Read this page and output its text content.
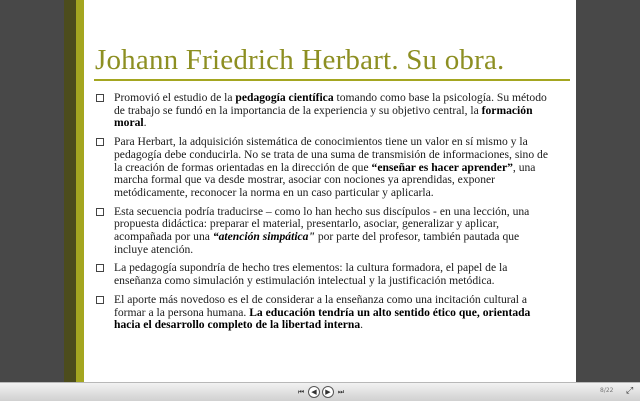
Johann Friedrich Herbart. Su obra.
Promovió el estudio de la pedagogía científica tomando como base la psicología. Su método de trabajo se fundó en la importancia de la experiencia y su objetivo central, la formación moral.
Para Herbart, la adquisición sistemática de conocimientos tiene un valor en sí mismo y la pedagogía debe conducirla. No se trata de una suma de transmisión de informaciones, sino de la creación de formas orientadas en la dirección de que “enseñar es hacer aprender”, una marcha formal que va desde mostrar, asociar con nociones ya aprendidas, exponer metódicamente, reconocer la norma en un caso particular y aplicarla.
Esta secuencia podría traducirse – como lo han hecho sus discípulos - en una lección, una propuesta didáctica: preparar el material, presentarlo, asociar, generalizar y aplicar, acompañada por una “atención simpática" por parte del profesor, también pautada que incluye atención.
La pedagogía supondría de hecho tres elementos: la cultura formadora, el papel de la enseñanza como simulación y estimulación intelectual y la justificación metódica.
El aporte más novedoso es el de considerar a la enseñanza como una incitación cultural a formar a la persona humana. La educación tendría un alto sentido ético que, orientada hacia el desarrollo completo de la libertad interna.
⏮	◀	▶	⏭	8/22 ⤢
